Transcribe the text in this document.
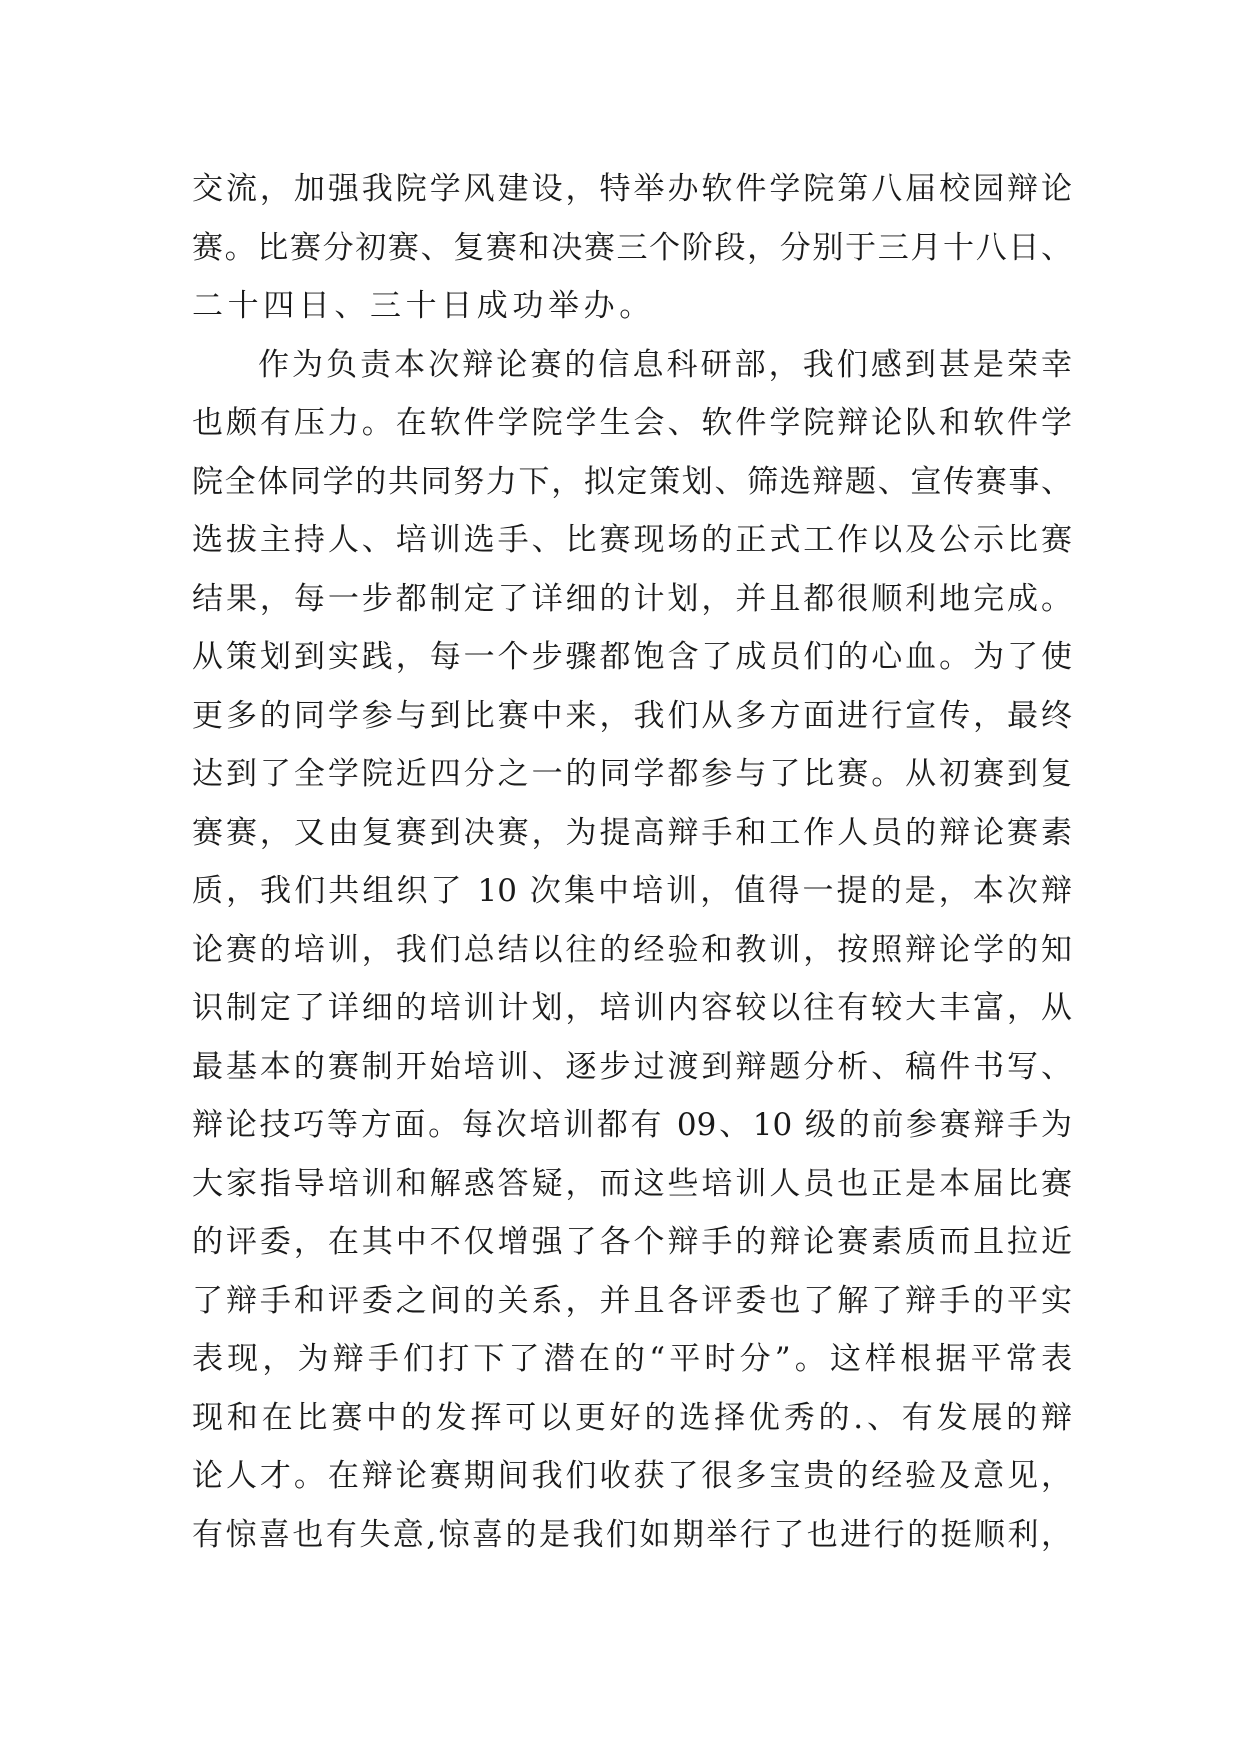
交流，加强我院学风建设，特举办软件学院第八届校园辩论
赛。比赛分初赛、复赛和决赛三个阶段，分别于三月十八日、
二十四日、三十日成功举办。
作为负责本次辩论赛的信息科研部，我们感到甚是荣幸
也颇有压力。在软件学院学生会、软件学院辩论队和软件学
院全体同学的共同努力下，拟定策划、筛选辩题、宣传赛事、
选拔主持人、培训选手、比赛现场的正式工作以及公示比赛
结果，每一步都制定了详细的计划，并且都很顺利地完成。
从策划到实践，每一个步骤都饱含了成员们的心血。为了使
更多的同学参与到比赛中来，我们从多方面进行宣传，最终
达到了全学院近四分之一的同学都参与了比赛。从初赛到复
赛赛，又由复赛到决赛，为提高辩手和工作人员的辩论赛素
质，我们共组织了 10 次集中培训，值得一提的是，本次辩
论赛的培训，我们总结以往的经验和教训，按照辩论学的知
识制定了详细的培训计划，培训内容较以往有较大丰富，从
最基本的赛制开始培训、逐步过渡到辩题分析、稿件书写、
辩论技巧等方面。每次培训都有 09、10 级的前参赛辩手为
大家指导培训和解惑答疑，而这些培训人员也正是本届比赛
的评委，在其中不仅增强了各个辩手的辩论赛素质而且拉近
了辩手和评委之间的关系，并且各评委也了解了辩手的平实
表现，为辩手们打下了潜在的“平时分”。这样根据平常表
现和在比赛中的发挥可以更好的选择优秀的.、有发展的辩
论人才。在辩论赛期间我们收获了很多宝贵的经验及意见，
有惊喜也有失意,惊喜的是我们如期举行了也进行的挺顺利，
